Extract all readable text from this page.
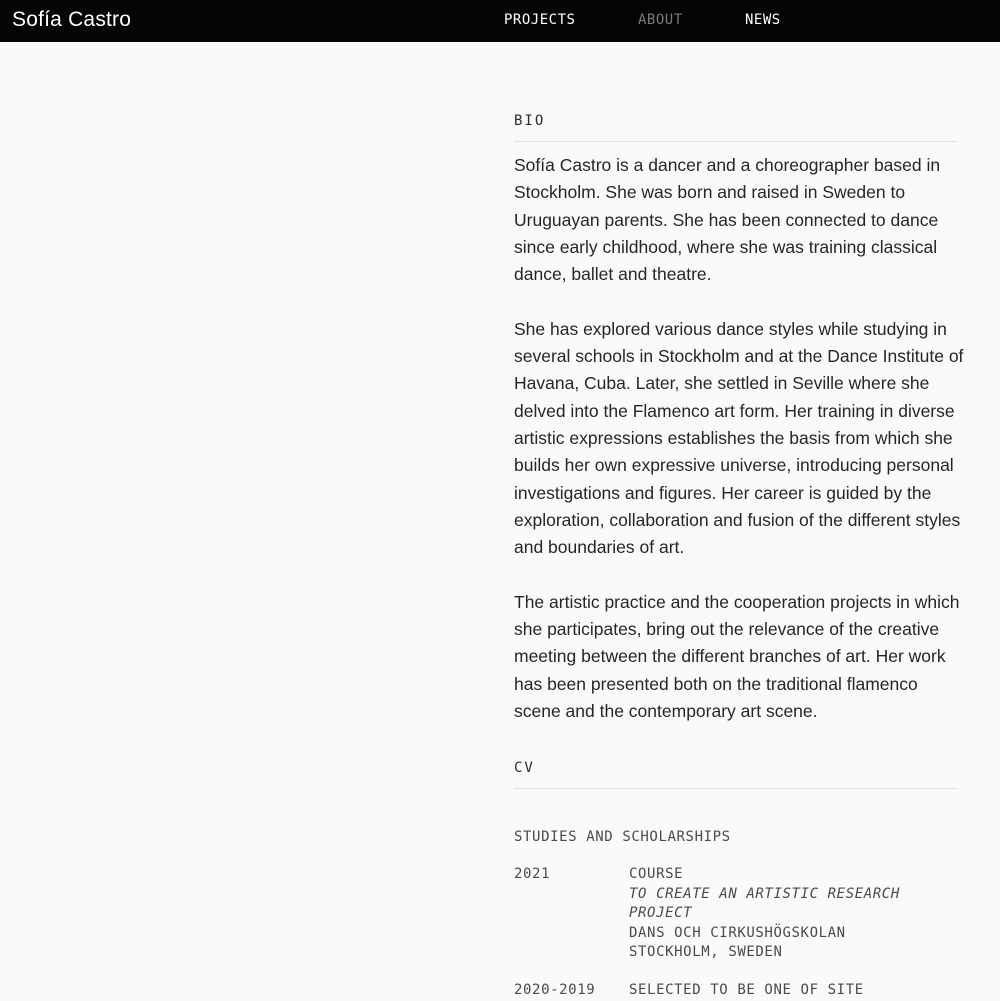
Sofía Castro	PROJECTS	ABOUT	NEWS
BIO

Sofía Castro is a dancer and a choreographer based in Stockholm. She was born and raised in Sweden to Uruguayan parents. She has been connected to dance since early childhood, where she was training classical dance, ballet and theatre.

She has explored various dance styles while studying in several schools in Stockholm and at the Dance Institute of Havana, Cuba. Later, she settled in Seville where she delved into the Flamenco art form. Her training in diverse artistic expressions establishes the basis from which she builds her own expressive universe, introducing personal investigations and figures. Her career is guided by the exploration, collaboration and fusion of the different styles and boundaries of art.

The artistic practice and the cooperation projects in which she participates, bring out the relevance of the creative meeting between the different branches of art. Her work has been presented both on the traditional flamenco scene and the contemporary art scene.

CV
STUDIES AND SCHOLARSHIPS
2021	COURSE
TO CREATE AN ARTISTIC RESEARCH PROJECT
DANS OCH CIRKUSHÖGSKOLAN
STOCKHOLM, SWEDEN
2020-2019 SELECTED TO BE ONE OF SITE
